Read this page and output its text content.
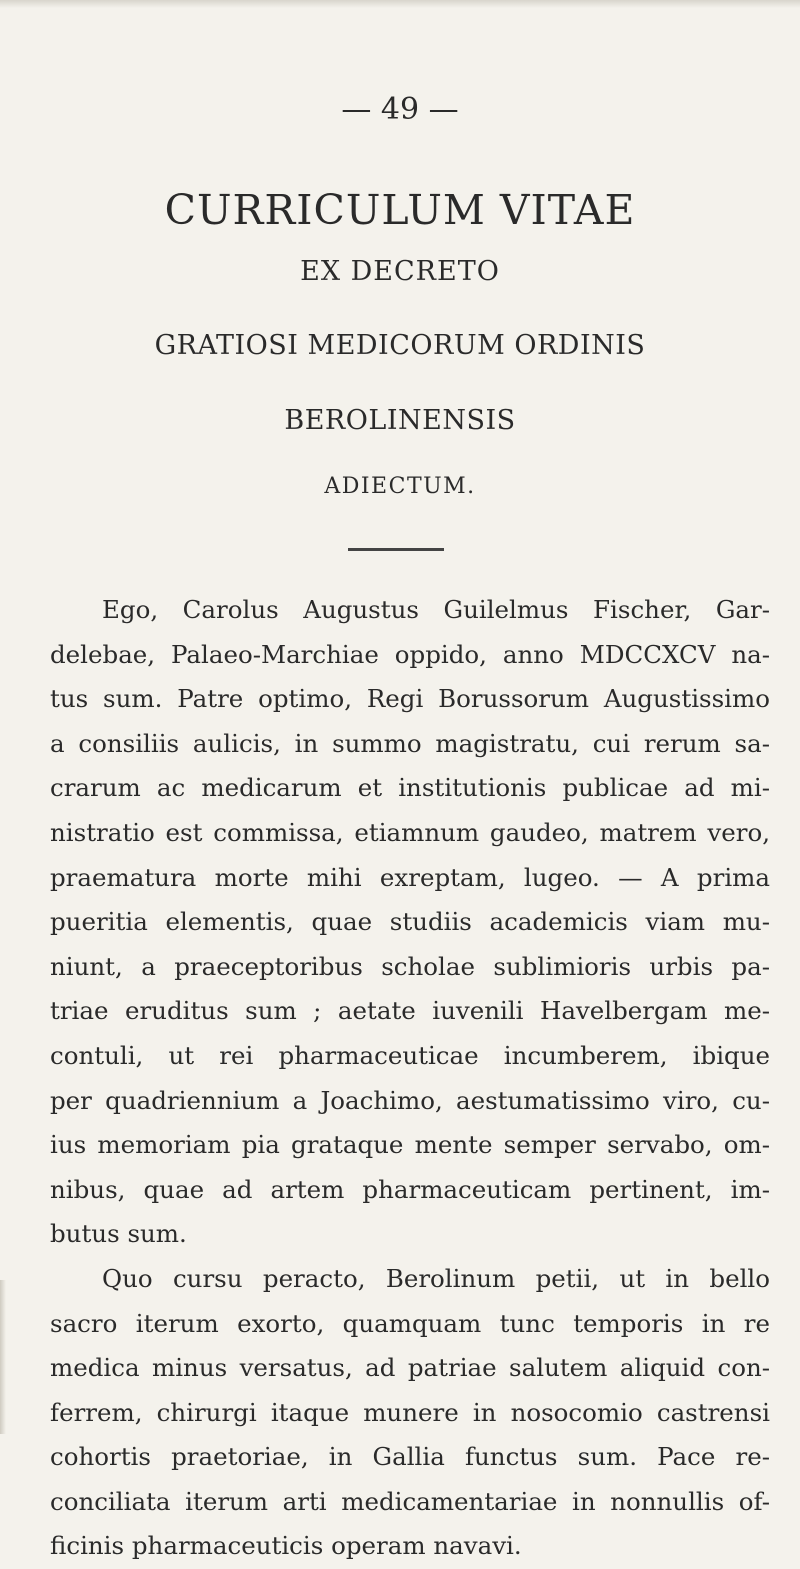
— 49 —
CURRICULUM VITAE
EX DECRETO
GRATIOSI MEDICORUM ORDINIS
BEROLINENSIS
ADIECTUM.
Ego, Carolus Augustus Guilelmus Fischer, Gar-
delebae, Palaeo-Marchiae oppido, anno MDCCXCV na-
tus sum. Patre optimo, Regi Borussorum Augustissimo
a consiliis aulicis, in summo magistratu, cui rerum sa-
crarum ac medicarum et institutionis publicae ad mi-
nistratio est commissa, etiamnum gaudeo, matrem vero,
praematura morte mihi exreptam, lugeo. — A prima
pueritia elementis, quae studiis academicis viam mu-
niunt, a praeceptoribus scholae sublimioris urbis pa-
triae eruditus sum ; aetate iuvenili Havelbergam me-
contuli, ut rei pharmaceuticae incumberem, ibique
per quadriennium a Joachimo, aestumatissimo viro, cu-
ius memoriam pia grataque mente semper servabo, om-
nibus, quae ad artem pharmaceuticam pertinent, im-
butus sum.
Quo cursu peracto, Berolinum petii, ut in bello
sacro iterum exorto, quamquam tunc temporis in re
medica minus versatus, ad patriae salutem aliquid con-
ferrem, chirurgi itaque munere in nosocomio castrensi
cohortis praetoriae, in Gallia functus sum. Pace re-
conciliata iterum arti medicamentariae in nonnullis of-
ficinis pharmaceuticis operam navavi.
